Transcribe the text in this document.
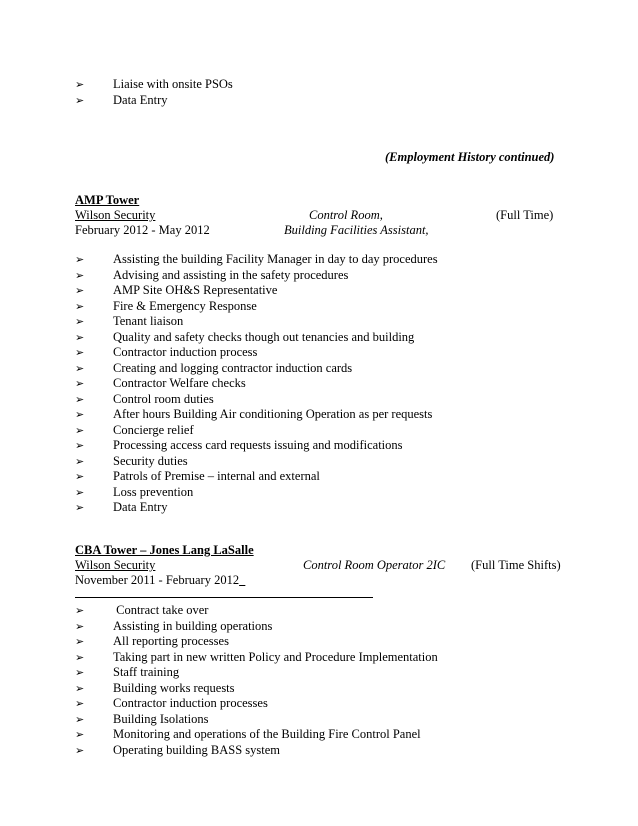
➢	Liaise with onsite PSOs
➢	Data Entry
(Employment History continued)
AMP Tower
Wilson Security	Control Room,	(Full Time)
February 2012 - May 2012	Building Facilities Assistant,
➢	Assisting the building Facility Manager in day to day procedures
➢	Advising and assisting in the safety procedures
➢	AMP Site OH&S Representative
➢	Fire & Emergency Response
➢	Tenant liaison
➢	Quality and safety checks though out tenancies and building
➢	Contractor induction process
➢	Creating and logging contractor induction cards
➢	Contractor Welfare checks
➢	Control room duties
➢	After hours Building Air conditioning Operation as per requests
➢	Concierge relief
➢	Processing access card requests issuing and modifications
➢	Security duties
➢	Patrols of Premise – internal and external
➢	Loss prevention
➢	Data Entry
CBA Tower – Jones Lang LaSalle
Wilson Security	Control Room Operator 2IC (Full Time Shifts)
November 2011 - February 2012
➢	Contract take over
➢	Assisting in building operations
➢	All reporting processes
➢	Taking part in new written Policy and Procedure Implementation
➢	Staff training
➢	Building works requests
➢	Contractor induction processes
➢	Building Isolations
➢	Monitoring and operations of the Building Fire Control Panel
➢	Operating building BASS system
